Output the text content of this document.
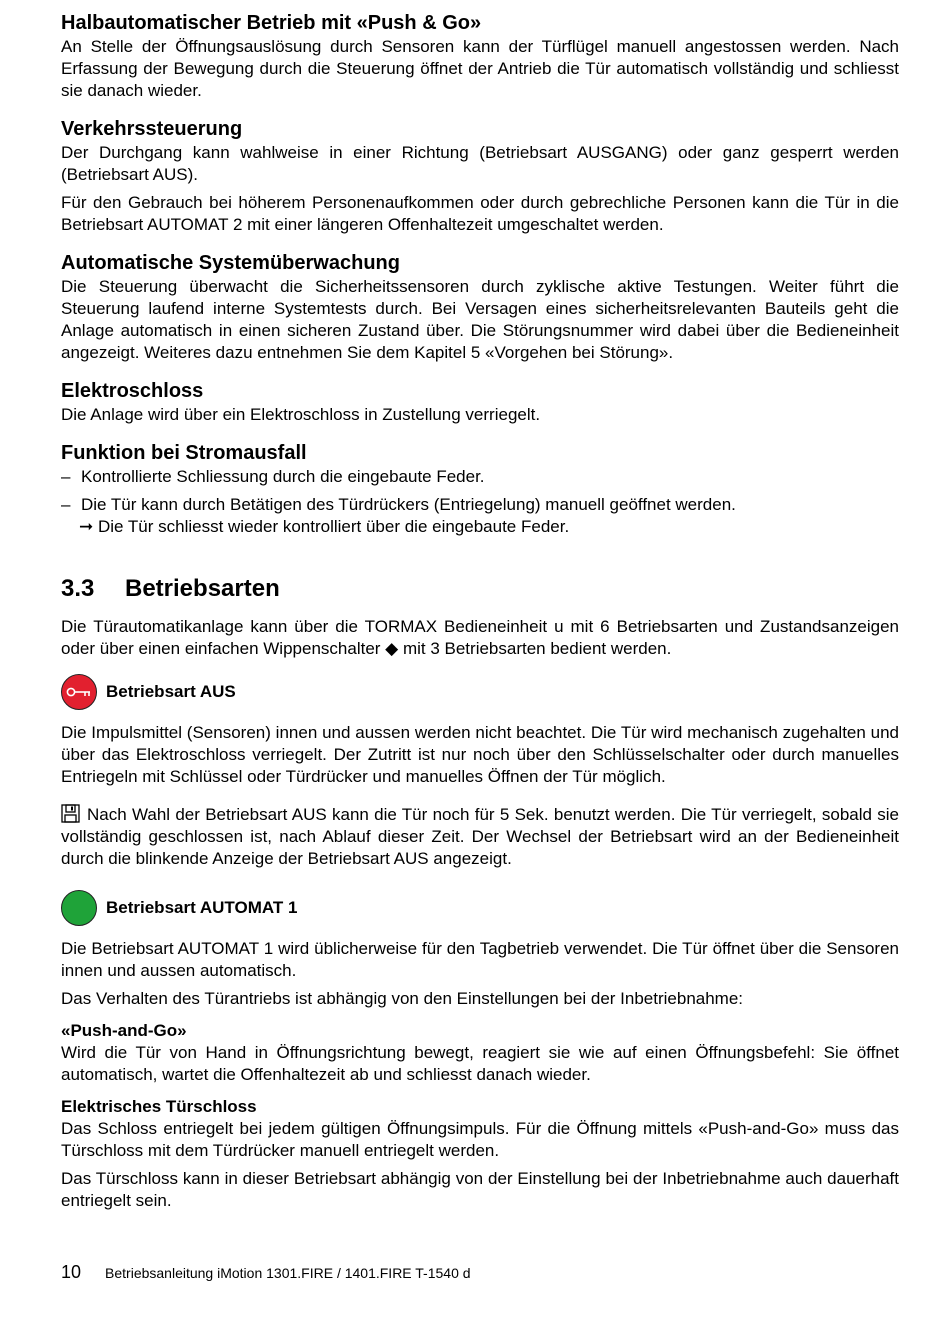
Halbautomatischer Betrieb mit «Push & Go»

An Stelle der Öffnungsauslösung durch Sensoren kann der Türflügel manuell angestossen werden. Nach Erfassung der Bewegung durch die Steuerung öffnet der Antrieb die Tür automatisch vollständig und schliesst sie danach wieder.

Verkehrssteuerung

Der Durchgang kann wahlweise in einer Richtung (Betriebsart AUSGANG) oder ganz gesperrt werden (Betriebsart AUS).

Für den Gebrauch bei höherem Personenaufkommen oder durch gebrechliche Personen kann die Tür in die Betriebsart AUTOMAT 2 mit einer längeren Offenhaltezeit umgeschaltet werden.

Automatische Systemüberwachung

Die Steuerung überwacht die Sicherheitssensoren durch zyklische aktive Testungen. Weiter führt die Steuerung laufend interne Systemtests durch. Bei Versagen eines sicherheitsrelevanten Bauteils geht die Anlage automatisch in einen sicheren Zustand über. Die Störungsnummer wird dabei über die Bedieneinheit angezeigt. Weiteres dazu entnehmen Sie dem Kapitel 5 «Vorgehen bei Störung».

Elektroschloss

Die Anlage wird über ein Elektroschloss in Zustellung verriegelt.

Funktion bei Stromausfall
– Kontrollierte Schliessung durch die eingebaute Feder.
– Die Tür kann durch Betätigen des Türdrückers (Entriegelung) manuell geöffnet werden.
➞ Die Tür schliesst wieder kontrolliert über die eingebaute Feder.
3.3	Betriebsarten

Die Türautomatikanlage kann über die TORMAX Bedieneinheit u mit 6 Betriebsarten und Zustandsanzeigen oder über einen einfachen Wippenschalter ◆ mit 3 Betriebsarten bedient werden.

Betriebsart AUS

Die Impulsmittel (Sensoren) innen und aussen werden nicht beachtet. Die Tür wird mechanisch zugehalten und über das Elektroschloss verriegelt. Der Zutritt ist nur noch über den Schlüsselschalter oder durch manuelles Entriegeln mit Schlüssel oder Türdrücker und manuelles Öffnen der Tür möglich.

Nach Wahl der Betriebsart AUS kann die Tür noch für 5 Sek. benutzt werden. Die Tür verriegelt, sobald sie vollständig geschlossen ist, nach Ablauf dieser Zeit. Der Wechsel der Betriebsart wird an der Bedieneinheit durch die blinkende Anzeige der Betriebsart AUS angezeigt.

Betriebsart AUTOMAT 1

Die Betriebsart AUTOMAT 1 wird üblicherweise für den Tagbetrieb verwendet. Die Tür öffnet über die Sensoren innen und aussen automatisch.

Das Verhalten des Türantriebs ist abhängig von den Einstellungen bei der Inbetriebnahme:

«Push-and-Go»

Wird die Tür von Hand in Öffnungsrichtung bewegt, reagiert sie wie auf einen Öffnungsbefehl: Sie öffnet automatisch, wartet die Offenhaltezeit ab und schliesst danach wieder.

Elektrisches Türschloss

Das Schloss entriegelt bei jedem gültigen Öffnungsimpuls. Für die Öffnung mittels «Push-and-Go» muss das Türschloss mit dem Türdrücker manuell entriegelt werden.

Das Türschloss kann in dieser Betriebsart abhängig von der Einstellung bei der Inbetriebnahme auch dauerhaft entriegelt sein.

10 Betriebsanleitung iMotion 1301.FIRE / 1401.FIRE T-1540 d
